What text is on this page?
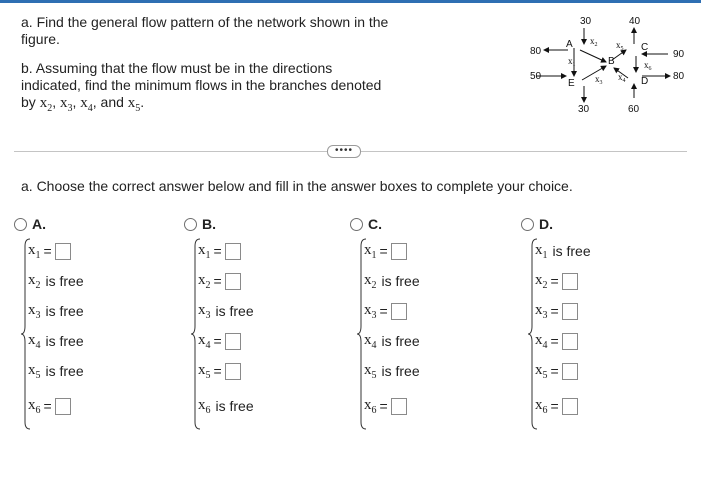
a. Find the general flow pattern of the network shown in the figure.
b. Assuming that the flow must be in the directions indicated, find the minimum flows in the branches denoted by $x_2$, $x_3$, $x_4$, and $x_5$.
30	40
80	90
50	80
30	60
A
B
C
D
E
$x_1$
$x_2$
$x_3$
$x_4$
$x_5$
$x_6$
••••
a. Choose the correct answer below and fill in the answer boxes to complete your choice.
A.
$x_1$ =
$x_2$ is free
$x_3$ is free
$x_4$ is free
$x_5$ is free
$x_6$ =
B.
$x_1$ =
$x_2$ =
$x_3$ is free
$x_4$ =
$x_5$ =
$x_6$ is free
C.
$x_1$ =
$x_2$ is free
$x_3$ =
$x_4$ is free
$x_5$ is free
$x_6$ =
D.
$x_1$ is free
$x_2$ =
$x_3$ =
$x_4$ =
$x_5$ =
$x_6$ =
